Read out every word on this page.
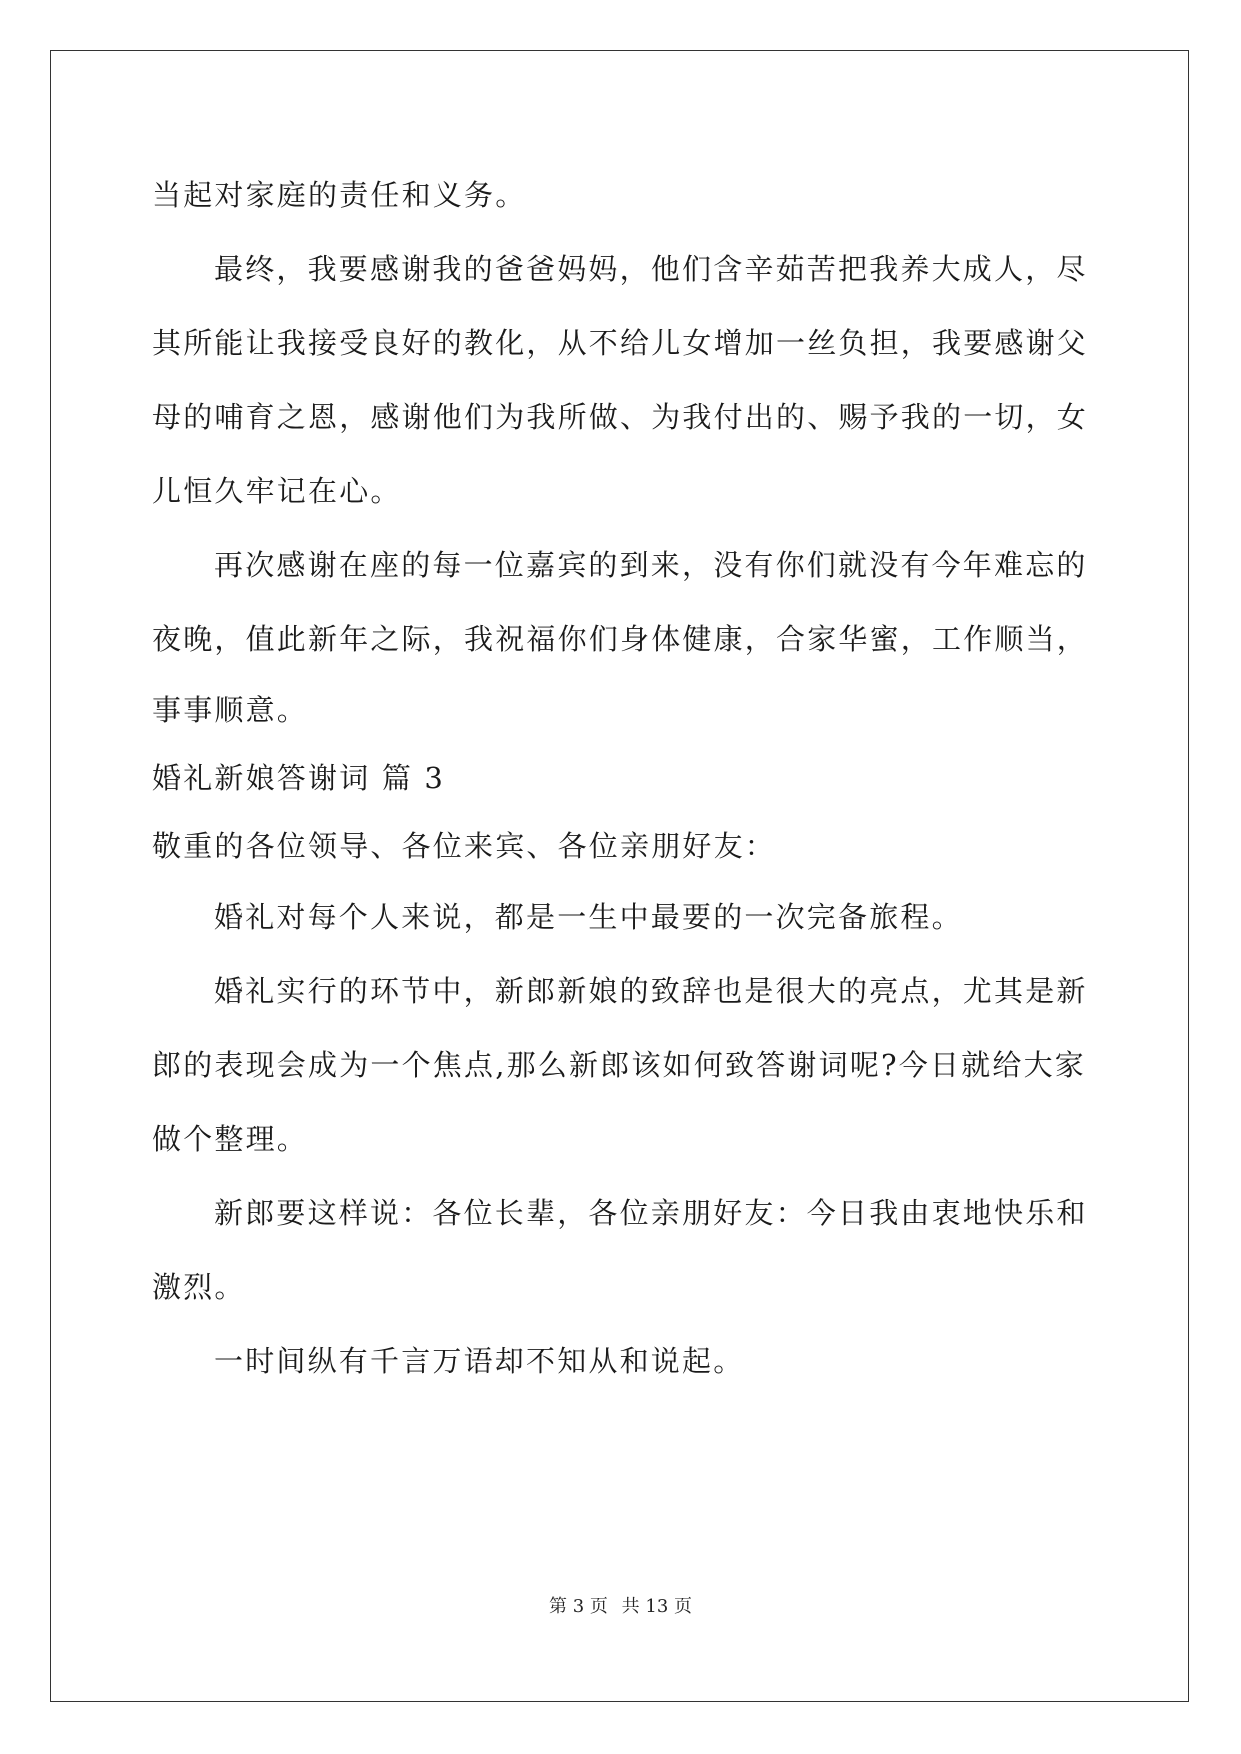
当起对家庭的责任和义务。
最终，我要感谢我的爸爸妈妈，他们含辛茹苦把我养大成人，尽
其所能让我接受良好的教化，从不给儿女增加一丝负担，我要感谢父
母的哺育之恩，感谢他们为我所做、为我付出的、赐予我的一切，女
儿恒久牢记在心。
再次感谢在座的每一位嘉宾的到来，没有你们就没有今年难忘的
夜晚，值此新年之际，我祝福你们身体健康，合家华蜜，工作顺当，
事事顺意。
婚礼新娘答谢词 篇 3
敬重的各位领导、各位来宾、各位亲朋好友：
婚礼对每个人来说，都是一生中最要的一次完备旅程。
婚礼实行的环节中，新郎新娘的致辞也是很大的亮点，尤其是新
郎的表现会成为一个焦点,那么新郎该如何致答谢词呢?今日就给大家
做个整理。
新郎要这样说：各位长辈，各位亲朋好友：今日我由衷地快乐和
激烈。
一时间纵有千言万语却不知从和说起。
第 3 页 共 13 页
